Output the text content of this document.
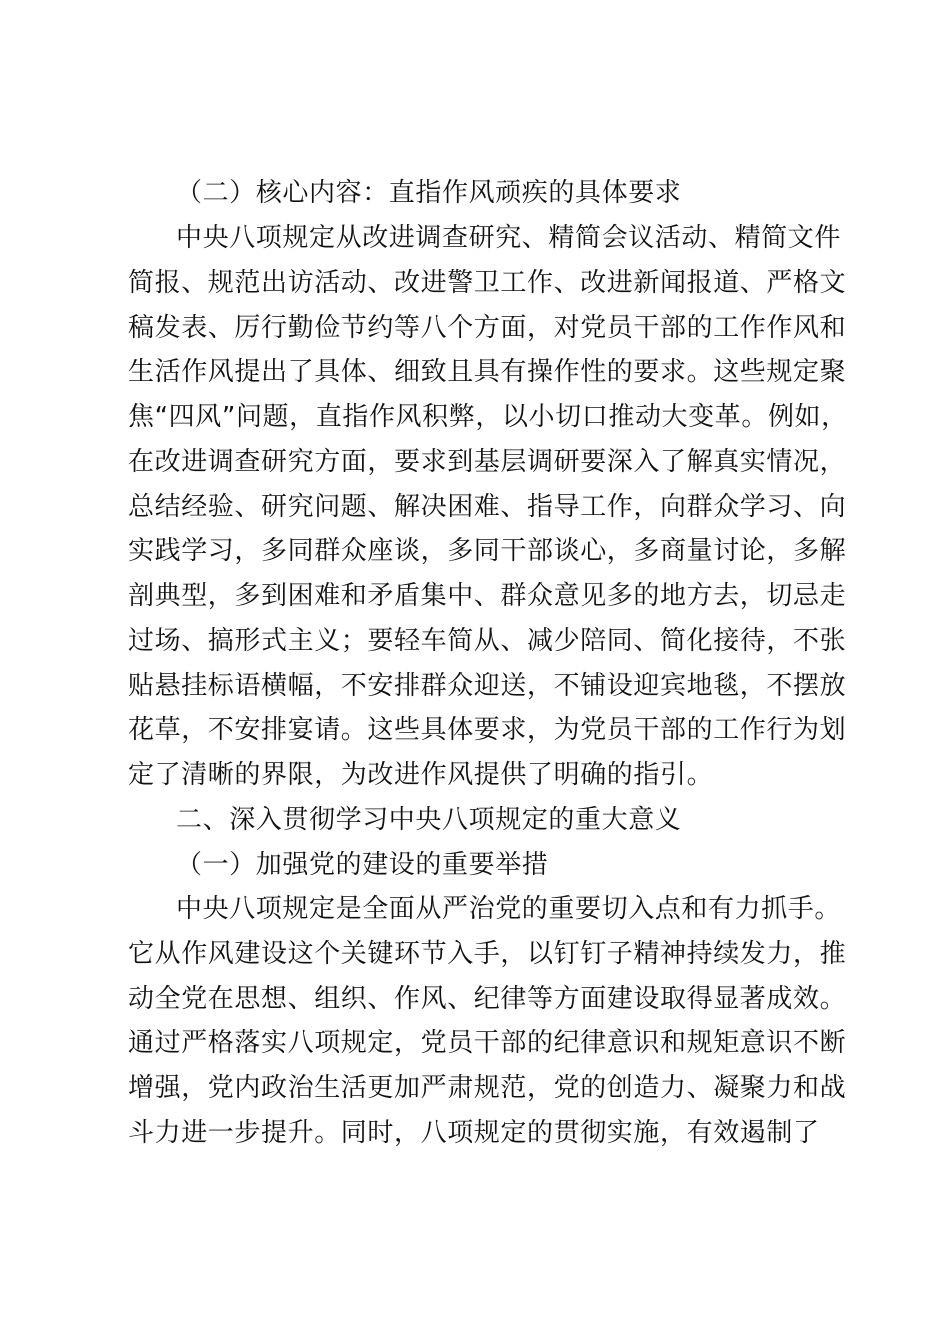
（二）核心内容：直指作风顽疾的具体要求
中央八项规定从改进调查研究、精简会议活动、精简文件
简报、规范出访活动、改进警卫工作、改进新闻报道、严格文
稿发表、厉行勤俭节约等八个方面，对党员干部的工作作风和
生活作风提出了具体、细致且具有操作性的要求。这些规定聚
焦“四风”问题，直指作风积弊，以小切口推动大变革。例如，
在改进调查研究方面，要求到基层调研要深入了解真实情况，
总结经验、研究问题、解决困难、指导工作，向群众学习、向
实践学习，多同群众座谈，多同干部谈心，多商量讨论，多解
剖典型，多到困难和矛盾集中、群众意见多的地方去，切忌走
过场、搞形式主义；要轻车简从、减少陪同、简化接待，不张
贴悬挂标语横幅，不安排群众迎送，不铺设迎宾地毯，不摆放
花草，不安排宴请。这些具体要求，为党员干部的工作行为划
定了清晰的界限，为改进作风提供了明确的指引。
二、深入贯彻学习中央八项规定的重大意义
（一）加强党的建设的重要举措
中央八项规定是全面从严治党的重要切入点和有力抓手。
它从作风建设这个关键环节入手，以钉钉子精神持续发力，推
动全党在思想、组织、作风、纪律等方面建设取得显著成效。
通过严格落实八项规定，党员干部的纪律意识和规矩意识不断
增强，党内政治生活更加严肃规范，党的创造力、凝聚力和战
斗力进一步提升。同时，八项规定的贯彻实施，有效遏制了
